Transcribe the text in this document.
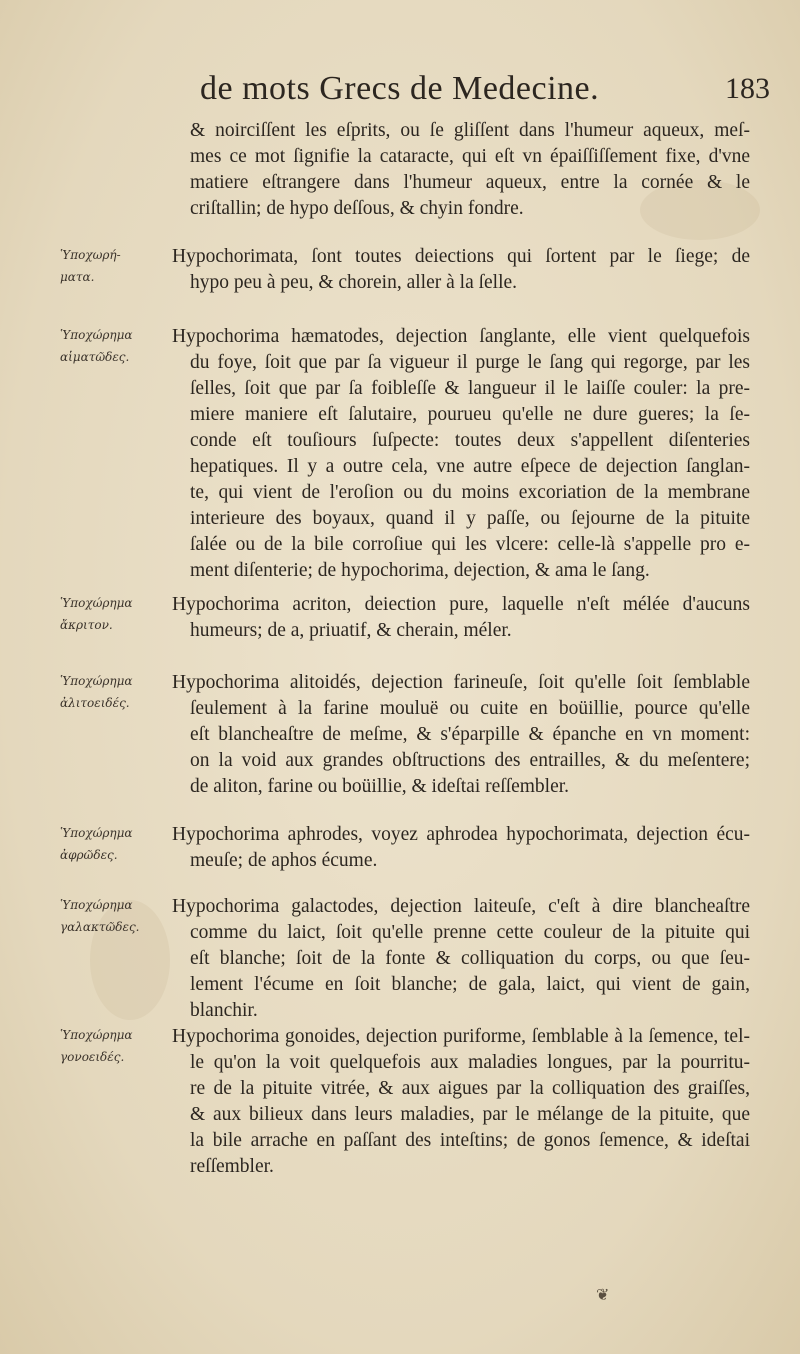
de mots Grecs de Medecine.	183
& noirciſſent les eſprits, ou ſe gliſſent dans l'humeur aqueux, meſ-
mes ce mot ſignifie la cataracte, qui eſt vn épaiſſiſſement fixe, d'vne
matiere eſtrangere dans l'humeur aqueux, entre la cornée & le
criſtallin; de hypo deſſous, & chyin fondre.
Ὑποχωρή-
ματα.
Hypochorimata, ſont toutes deiections qui ſortent par le ſiege; de
hypo peu à peu, & chorein, aller à la ſelle.
Ὑποχώρημα
αἱματῶδες.
Hypochorima hæmatodes, dejection ſanglante, elle vient quelquefois
du foye, ſoit que par ſa vigueur il purge le ſang qui regorge, par les
ſelles, ſoit que par ſa foibleſſe & langueur il le laiſſe couler: la pre-
miere maniere eſt ſalutaire, pourueu qu'elle ne dure gueres; la ſe-
conde eſt touſiours ſuſpecte: toutes deux s'appellent diſenteries
hepatiques. Il y a outre cela, vne autre eſpece de dejection ſanglan-
te, qui vient de l'eroſion ou du moins excoriation de la membrane
interieure des boyaux, quand il y paſſe, ou ſejourne de la pituite
ſalée ou de la bile corroſiue qui les vlcere: celle-là s'appelle pro e-
ment diſenterie; de hypochorima, dejection, & ama le ſang.
Ὑποχώρημα
ἄκριτον.
Hypochorima acriton, deiection pure, laquelle n'eſt mélée d'aucuns
humeurs; de a, priuatif, & cherain, méler.
Ὑποχώρημα
ἀλιτοειδές.
Hypochorima alitoidés, dejection farineuſe, ſoit qu'elle ſoit ſemblable
ſeulement à la farine mouluë ou cuite en boüillie, pource qu'elle
eſt blancheaſtre de meſme, & s'éparpille & épanche en vn moment:
on la void aux grandes obſtructions des entrailles, & du meſentere;
de aliton, farine ou boüillie, & ideſtai reſſembler.
Ὑποχώρημα
ἀφρῶδες.
Hypochorima aphrodes, voyez aphrodea hypochorimata, dejection écu-
meuſe; de aphos écume.
Ὑποχώρημα
γαλακτῶδες.
Hypochorima galactodes, dejection laiteuſe, c'eſt à dire blancheaſtre
comme du laict, ſoit qu'elle prenne cette couleur de la pituite qui
eſt blanche; ſoit de la fonte & colliquation du corps, ou que ſeu-
lement l'écume en ſoit blanche; de gala, laict, qui vient de gain,
blanchir.
Ὑποχώρημα
γονοειδές.
Hypochorima gonoides, dejection puriforme, ſemblable à la ſemence, tel-
le qu'on la voit quelquefois aux maladies longues, par la pourritu-
re de la pituite vitrée, & aux aigues par la colliquation des graiſſes,
& aux bilieux dans leurs maladies, par le mélange de la pituite, que
la bile arrache en paſſant des inteſtins; de gonos ſemence, & ideſtai
reſſembler.
❦
